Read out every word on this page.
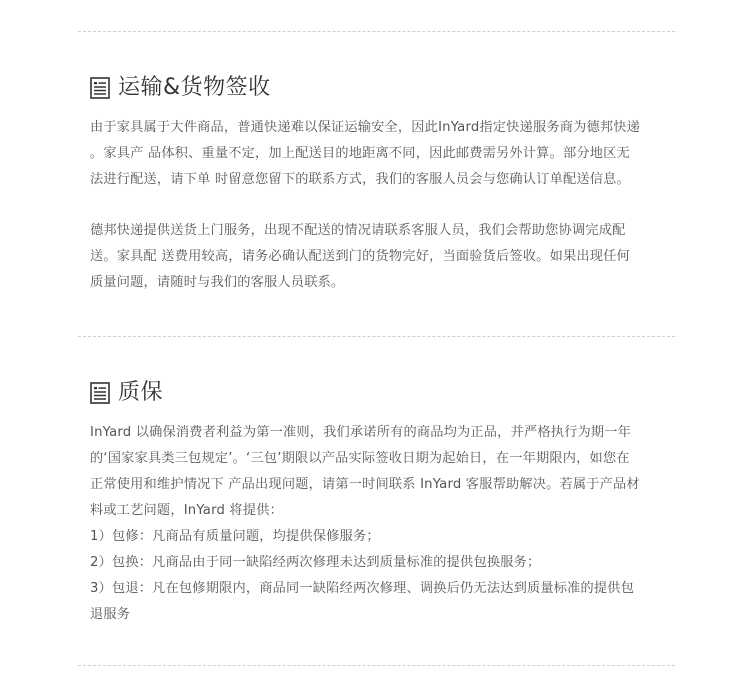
运输&货物签收

由于家具属于大件商品，普通快递难以保证运输安全，因此InYard指定快递服务商为德邦快递
。家具产 品体积、重量不定，加上配送目的地距离不同，因此邮费需另外计算。部分地区无
法进行配送，请下单 时留意您留下的联系方式，我们的客服人员会与您确认订单配送信息。

德邦快递提供送货上门服务，出现不配送的情况请联系客服人员，我们会帮助您协调完成配
送。家具配 送费用较高，请务必确认配送到门的货物完好，当面验货后签收。如果出现任何
质量问题，请随时与我们的客服人员联系。

质保

InYard 以确保消费者利益为第一准则，我们承诺所有的商品均为正品，并严格执行为期一年
的‘国家家具类三包规定’。‘三包’期限以产品实际签收日期为起始日，在一年期限内，如您在
正常使用和维护情况下 产品出现问题，请第一时间联系 InYard 客服帮助解决。若属于产品材
料或工艺问题，InYard 将提供：
1）包修：凡商品有质量问题，均提供保修服务；
2）包换：凡商品由于同一缺陷经两次修理未达到质量标准的提供包换服务；
3）包退：凡在包修期限内，商品同一缺陷经两次修理、调换后仍无法达到质量标准的提供包
退服务
